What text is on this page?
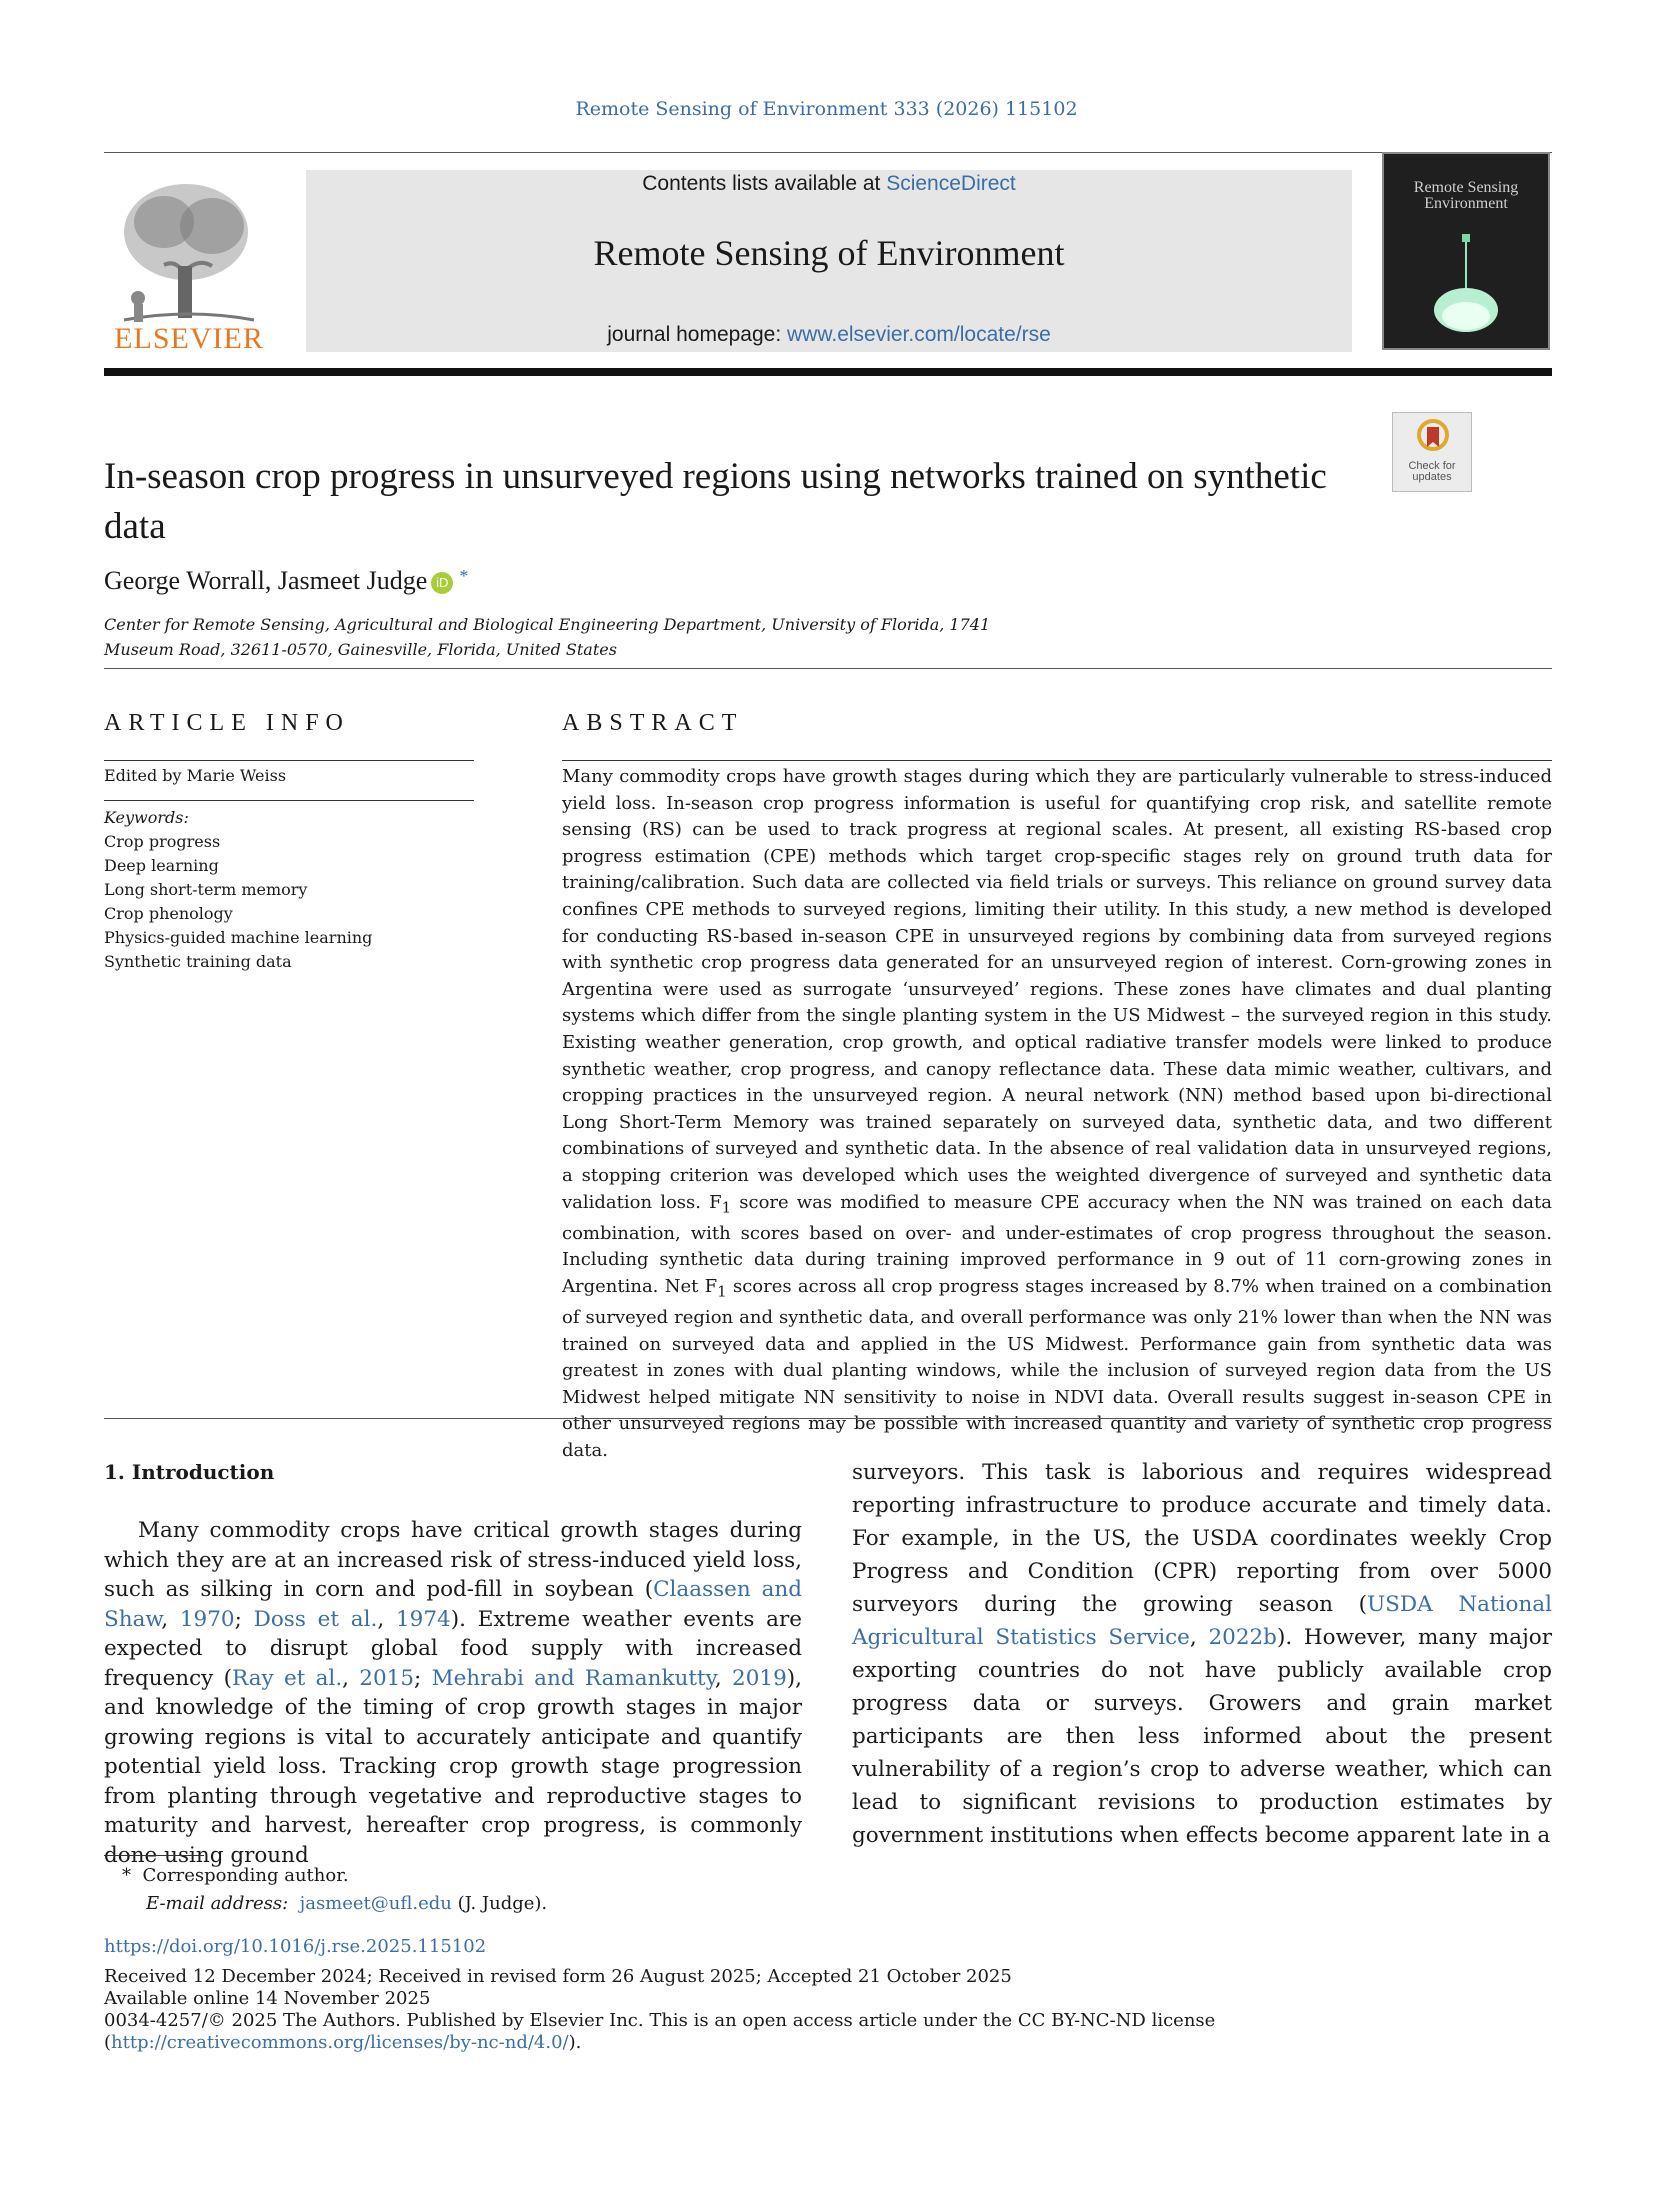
Remote Sensing of Environment 333 (2026) 115102
ELSEVIER
Contents lists available at ScienceDirect
Remote Sensing of Environment
journal homepage: www.elsevier.com/locate/rse
Remote Sensing Environment
Check for updates
In-season crop progress in unsurveyed regions using networks trained on synthetic data
George Worrall, Jasmeet Judge iD *
Center for Remote Sensing, Agricultural and Biological Engineering Department, University of Florida, 1741 Museum Road, 32611-0570, Gainesville, Florida, United States
ARTICLE INFO
Edited by Marie Weiss
Keywords:
Crop progress
Deep learning
Long short-term memory
Crop phenology
Physics-guided machine learning
Synthetic training data
ABSTRACT
Many commodity crops have growth stages during which they are particularly vulnerable to stress-induced yield loss. In-season crop progress information is useful for quantifying crop risk, and satellite remote sensing (RS) can be used to track progress at regional scales. At present, all existing RS-based crop progress estimation (CPE) methods which target crop-specific stages rely on ground truth data for training/calibration. Such data are collected via field trials or surveys. This reliance on ground survey data confines CPE methods to surveyed regions, limiting their utility. In this study, a new method is developed for conducting RS-based in-season CPE in unsurveyed regions by combining data from surveyed regions with synthetic crop progress data generated for an unsurveyed region of interest. Corn-growing zones in Argentina were used as surrogate ‘unsurveyed’ regions. These zones have climates and dual planting systems which differ from the single planting system in the US Midwest – the surveyed region in this study. Existing weather generation, crop growth, and optical radiative transfer models were linked to produce synthetic weather, crop progress, and canopy reflectance data. These data mimic weather, cultivars, and cropping practices in the unsurveyed region. A neural network (NN) method based upon bi-directional Long Short-Term Memory was trained separately on surveyed data, synthetic data, and two different combinations of surveyed and synthetic data. In the absence of real validation data in unsurveyed regions, a stopping criterion was developed which uses the weighted divergence of surveyed and synthetic data validation loss. $F_1$ score was modified to measure CPE accuracy when the NN was trained on each data combination, with scores based on over- and under-estimates of crop progress throughout the season. Including synthetic data during training improved performance in 9 out of 11 corn-growing zones in Argentina. Net $F_1$ scores across all crop progress stages increased by 8.7% when trained on a combination of surveyed region and synthetic data, and overall performance was only 21% lower than when the NN was trained on surveyed data and applied in the US Midwest. Performance gain from synthetic data was greatest in zones with dual planting windows, while the inclusion of surveyed region data from the US Midwest helped mitigate NN sensitivity to noise in NDVI data. Overall results suggest in-season CPE in other unsurveyed regions may be possible with increased quantity and variety of synthetic crop progress data.
1. Introduction

Many commodity crops have critical growth stages during which they are at an increased risk of stress-induced yield loss, such as silking in corn and pod-fill in soybean (Claassen and Shaw, 1970; Doss et al., 1974). Extreme weather events are expected to disrupt global food supply with increased frequency (Ray et al., 2015; Mehrabi and Ramankutty, 2019), and knowledge of the timing of crop growth stages in major growing regions is vital to accurately anticipate and quantify potential yield loss. Tracking crop growth stage progression from planting through vegetative and reproductive stages to maturity and harvest, hereafter crop progress, is commonly done using ground

surveyors. This task is laborious and requires widespread reporting infrastructure to produce accurate and timely data. For example, in the US, the USDA coordinates weekly Crop Progress and Condition (CPR) reporting from over 5000 surveyors during the growing season (USDA National Agricultural Statistics Service, 2022b). However, many major exporting countries do not have publicly available crop progress data or surveys. Growers and grain market participants are then less informed about the present vulnerability of a region’s crop to adverse weather, which can lead to significant revisions to production estimates by government institutions when effects become apparent late in a

* Corresponding author.
E-mail address: jasmeet@ufl.edu (J. Judge).
https://doi.org/10.1016/j.rse.2025.115102
Received 12 December 2024; Received in revised form 26 August 2025; Accepted 21 October 2025
Available online 14 November 2025
0034-4257/© 2025 The Authors. Published by Elsevier Inc. This is an open access article under the CC BY-NC-ND license (http://creativecommons.org/licenses/by-nc-nd/4.0/).
